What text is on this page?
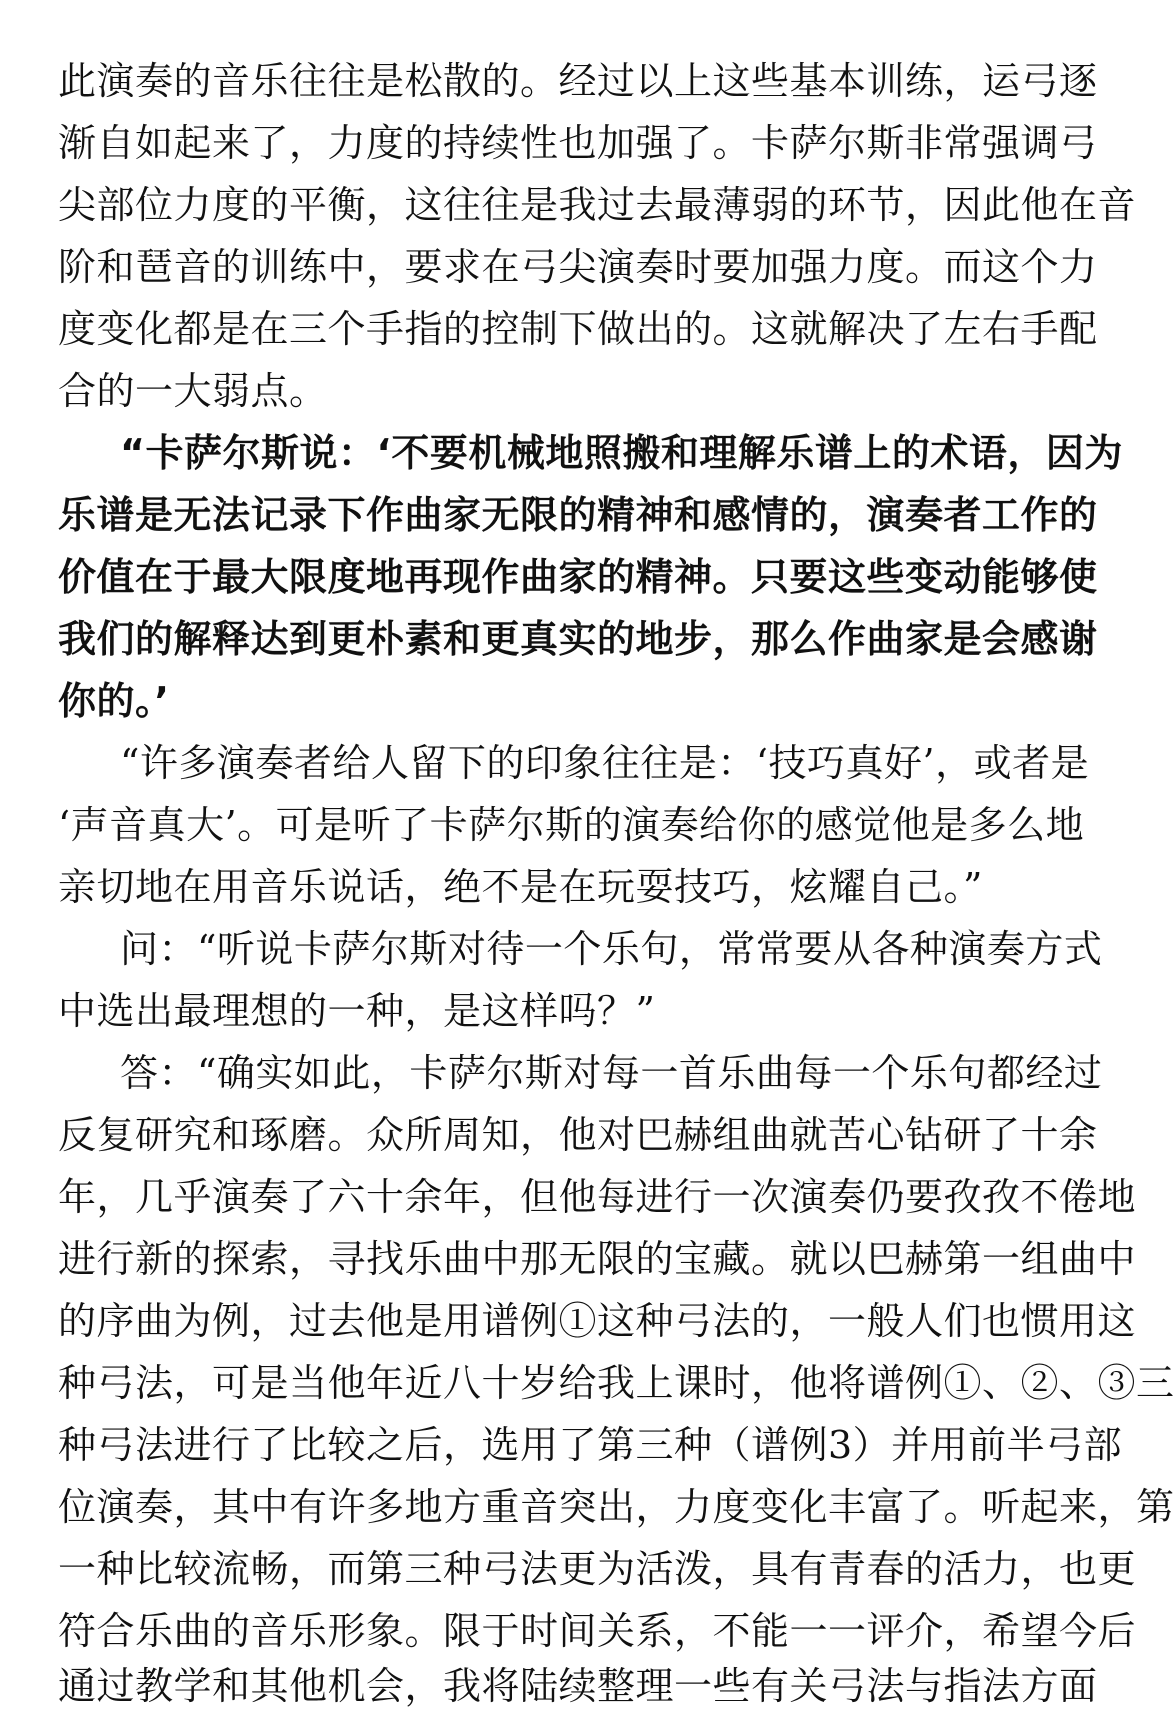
此演奏的音乐往往是松散的。经过以上这些基本训练，运弓逐
渐自如起来了，力度的持续性也加强了。卡萨尔斯非常强调弓
尖部位力度的平衡，这往往是我过去最薄弱的环节，因此他在音
阶和琶音的训练中，要求在弓尖演奏时要加强力度。而这个力
度变化都是在三个手指的控制下做出的。这就解决了左右手配
合的一大弱点。
“卡萨尔斯说：‘不要机械地照搬和理解乐谱上的术语，因为
乐谱是无法记录下作曲家无限的精神和感情的，演奏者工作的
价值在于最大限度地再现作曲家的精神。只要这些变动能够使
我们的解释达到更朴素和更真实的地步，那么作曲家是会感谢
你的。’
“许多演奏者给人留下的印象往往是：‘技巧真好’，或者是
‘声音真大’。可是听了卡萨尔斯的演奏给你的感觉他是多么地
亲切地在用音乐说话，绝不是在玩耍技巧，炫耀自己。”
问：“听说卡萨尔斯对待一个乐句，常常要从各种演奏方式
中选出最理想的一种，是这样吗？”
答：“确实如此，卡萨尔斯对每一首乐曲每一个乐句都经过
反复研究和琢磨。众所周知，他对巴赫组曲就苦心钻研了十余
年，几乎演奏了六十余年，但他每进行一次演奏仍要孜孜不倦地
进行新的探索，寻找乐曲中那无限的宝藏。就以巴赫第一组曲中
的序曲为例，过去他是用谱例①这种弓法的，一般人们也惯用这
种弓法，可是当他年近八十岁给我上课时，他将谱例①、②、③三
种弓法进行了比较之后，选用了第三种（谱例3）并用前半弓部
位演奏，其中有许多地方重音突出，力度变化丰富了。听起来，第
一种比较流畅，而第三种弓法更为活泼，具有青春的活力，也更
符合乐曲的音乐形象。限于时间关系，不能一一评介，希望今后
通过教学和其他机会，我将陆续整理一些有关弓法与指法方面
